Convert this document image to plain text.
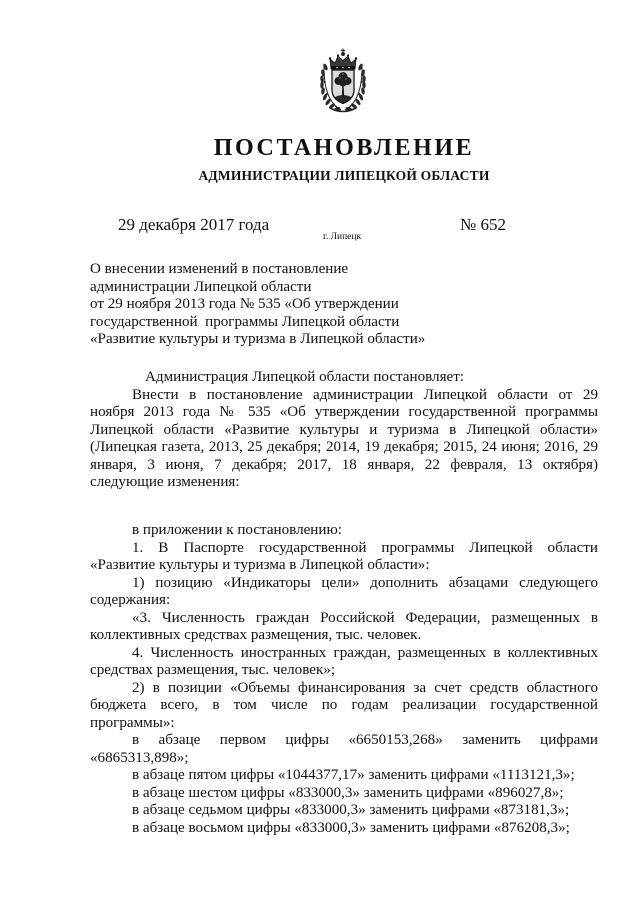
ПОСТАНОВЛЕНИЕ
АДМИНИСТРАЦИИ ЛИПЕЦКОЙ ОБЛАСТИ
29 декабря 2017 года
г. Липецк
№ 652
О внесении изменений в постановление
администрации Липецкой области
от 29 ноября 2013 года № 535 «Об утверждении
государственной  программы Липецкой области
«Развитие культуры и туризма в Липецкой области»
Администрация Липецкой области постановляет:
Внести в постановление администрации Липецкой области от 29
ноября 2013 года № 535 «Об утверждении государственной программы
Липецкой области «Развитие культуры и туризма в Липецкой области»
(Липецкая газета, 2013, 25 декабря; 2014, 19 декабря; 2015, 24 июня; 2016, 29
января, 3 июня, 7 декабря; 2017, 18 января, 22 февраля, 13 октября)
следующие изменения:
в приложении к постановлению:
1. В Паспорте государственной программы Липецкой области
«Развитие культуры и туризма в Липецкой области»:
1) позицию «Индикаторы цели» дополнить абзацами следующего
содержания:
«3. Численность граждан Российской Федерации, размещенных в
коллективных средствах размещения, тыс. человек.
4. Численность иностранных граждан, размещенных в коллективных
средствах размещения, тыс. человек»;
2) в позиции «Объемы финансирования за счет средств областного
бюджета всего, в том числе по годам реализации государственной
программы»:
в абзаце первом цифры «6650153,268» заменить цифрами
«6865313,898»;
в абзаце пятом цифры «1044377,17» заменить цифрами «1113121,3»;
в абзаце шестом цифры «833000,3» заменить цифрами «896027,8»;
в абзаце седьмом цифры «833000,3» заменить цифрами «873181,3»;
в абзаце восьмом цифры «833000,3» заменить цифрами «876208,3»;
